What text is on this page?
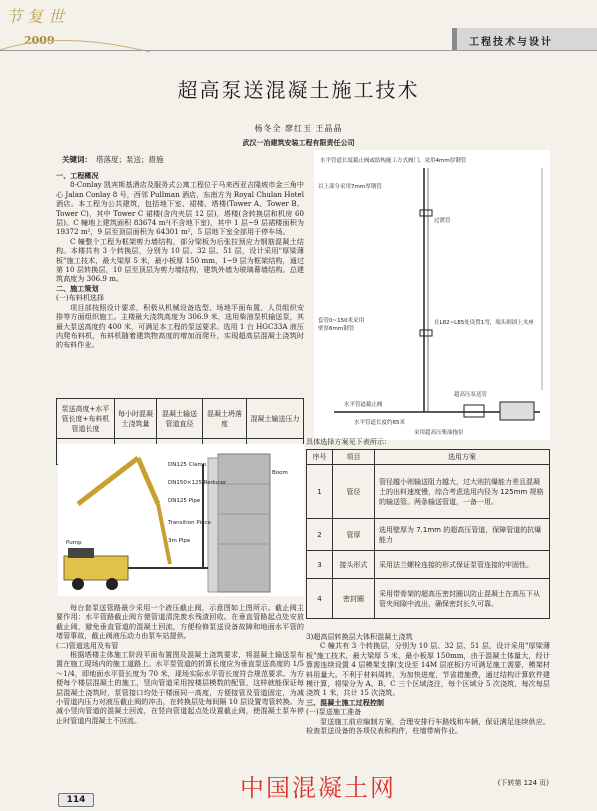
节 复 世
2009	工程技术与设计
超高泵送混凝土施工技术
杨冬全 廖红玉 王晶晶
武汉一冶建筑安装工程有限责任公司
关键词： 塔落度；泵送；措施

一、工程概况

8-Conlay 凯宾斯基酒店及服务式公寓工程位于马来西亚吉隆坡市金三角中心 Jalan Conlay 8 号，西邻 Pullman 酒店，东南方为 Royal Chulan Hotel 酒店。本工程为公共建筑，包括地下室、裙楼、塔楼(Tower A、Tower B、Tower C)，其中 Tower C 裙楼(含内夹层 12 层)，塔楼(含转换层和机房 60 层)。C 幢地上建筑面积 83674 m²(不含地下室)，其中 1 层~9 层裙楼面积为 19372 m²，9 层至顶层面积为 64301 m²，5 层地下室全部用于停车场。

C 幢整个工程为框架剪力墙结构，部分梁板为后张拉预应力钢筋混凝土结构。本楼共有 3 个转换层，分别为 10 层、32 层、51 层，设计采用"厚梁薄板"施工技术，最大梁厚 5 米，最小板厚 150 mm，1~9 层为框架结构，通过第 10 层转换层，10 层至顶层为剪力墙结构，建筑外墙为玻璃幕墙结构。总建筑高度为 306.9 m。

二、施工策划

(一)布料机选择

项目部按照设计要求，积极从机械设备选型、场地平面布置、人员组织安排等方面组织施工。主楼最大浇筑高度为 306.9 米，选用柴油泵机输送泵，其最大泵送高度约 400 米，可满足本工程的泵送要求。选用 1 台 HGC33A 液压内爬布料机，布料机随着建筑物高度的增加而爬升，实现超高层混凝土浇筑时的布料作业。

泵送高度+水平管长度+布料机管道长度	每小时混凝土浇筑量	混凝土输送管道直径	混凝土坍落度	混凝土输送压力

DN125 Clamp
DN150×125 Reducer
DN125 Pipe
Transition Piece
3m Pipe
Boom
Pump

每台套泵送管路最少采用一个液压截止阀，示意图如上图所示。截止阀主要作用：水平管路截止阀方便管道清洗废水残渣回收。在垂直管路起点处安放截止阀，避免垂直管道的混凝土回流，方便检修泵送设备故障和地面水平管的堵管事故，截止阀液压动力由泵车站提供。

(二)管道选用及布管

根据塔楼主体施工阶段平面布置图及混凝土浇筑要求，将混凝土输送泵布置在施工现场内的施工道路上。水平泵管道的折算长度应为垂直泵送高度的 1/5～1/4，即地面水平管长度为 70 米，现场实际水平管长度符合规范要求。为方便每个楼层混凝土的施工，竖向管道采用按楼层模数的配管，这样就能保证每层混凝土浇筑时，泵管接口均处于楼面同一高度，方便接管及管道固定，为减小管道内压力对液压截止阀的冲击，在转换层处每间隔 10 层设置弯管转换。为减小竖向管道的混凝土回流，在竖向管道起点处设置截止阀，使混凝土泵车停止时管道内混凝土不回流。

水平管道长度截止阀或结构施工方式阀门，采用4mm厚钢管
以上部分采用7mm厚钢管
过渡管
套管0~150米采用
壁厚6mm钢管
在L82~L85处设置1弯，端头则固上夹座
超高压泵送管
水平管道截止阀
水平管道长度约65米
采用超高压柴油拖泵

具体选择方案见下表所示：

序号	项目	选用方案
1	管径	管径越小则输送阻力越大，过大则抗爆能力差且混凝土的出料速度慢，综合考虑选用内径为 125mm 规格的输送管。两条输送管道，一备一用。
2	管厚	选用壁厚为 7.1mm 的超高压管道，保障管道的抗爆能力
3	接头形式	采用法兰螺栓连接的形式保证泵管连接的牢固性。
4	密封圈	采用带骨架的超高压密封圈以防止混凝土在高压下从管夹间隙中流出，确保密封长久可靠。

3)超高层转换层大体积混凝土浇筑

C 幢共有 3 个转换层，分别为 10 层、32 层、51 层，设计采用"厚梁薄板"施工技术，最大梁厚 5 米，最小板厚 150mm，由于混凝土体量大，经计算需连续设置 4 层模架支撑(支设至 14M 层底板)方可满足施工需要，模架材料用量大。不利于材料周转，为加快进度，节省措施费，通过结构计算软件建模计算，将梁分为 A、B、C 三个区域浇注，每个区域分 5 次浇筑，每次每层浇筑 1 米，共计 15 次浇筑。

三、混凝土施工过程控制

(一)泵送施工准备

泵送施工前应编制方案，合理安排行车路线和车辆，保证满足连续供应。检查泵送设备的各项仪表和构件，柱墙带病作业。

(下转第 124 页)
114	中国混凝土网
